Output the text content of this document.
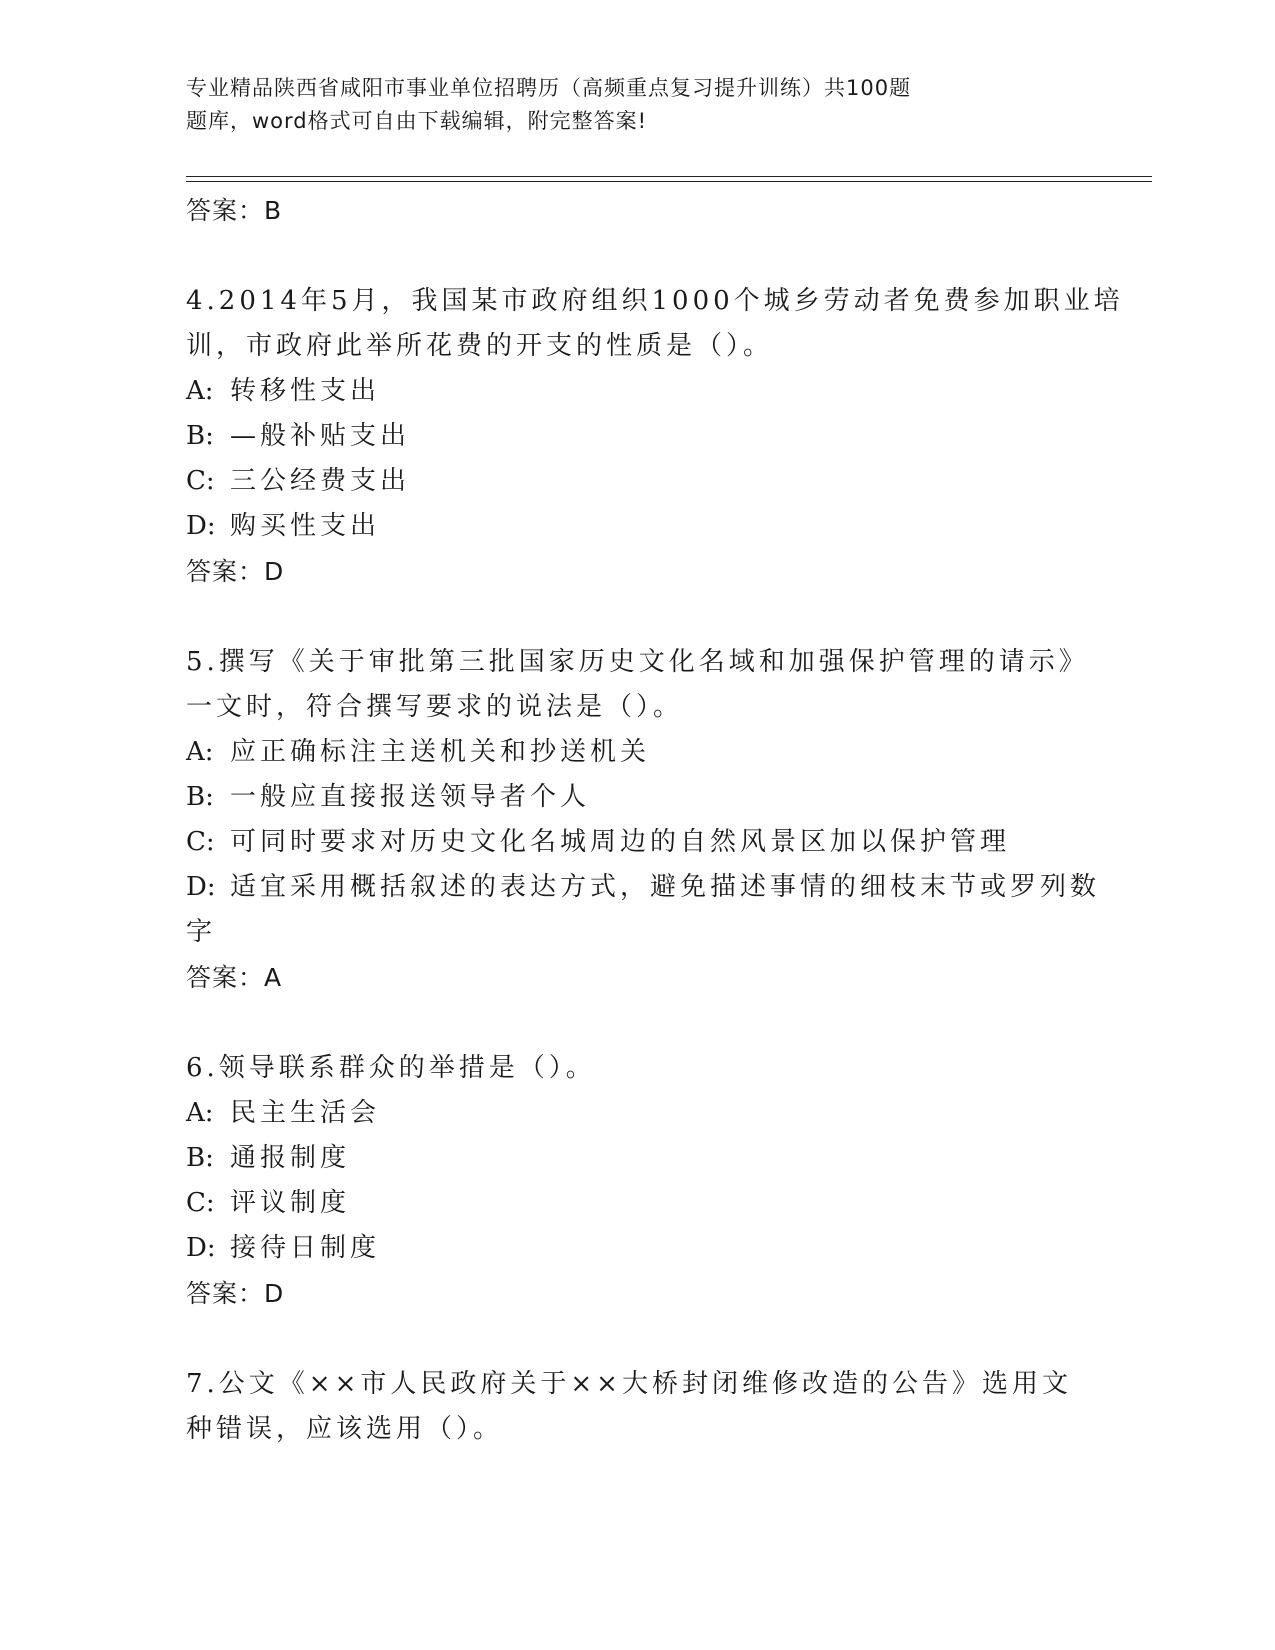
专业精品陕西省咸阳市事业单位招聘历（高频重点复习提升训练）共100题
题库，word格式可自由下载编辑，附完整答案!
答案：B
4.2014年5月，我国某市政府组织1000个城乡劳动者免费参加职业培
训，市政府此举所花费的开支的性质是（）。
A: 转移性支出
B: —般补贴支出
C: 三公经费支出
D: 购买性支出
答案：D
5.撰写《关于审批第三批国家历史文化名域和加强保护管理的请示》
一文时，符合撰写要求的说法是（）。
A: 应正确标注主送机关和抄送机关
B: 一般应直接报送领导者个人
C: 可同时要求对历史文化名城周边的自然风景区加以保护管理
D: 适宜采用概括叙述的表达方式，避免描述事情的细枝末节或罗列数
字
答案：A
6.领导联系群众的举措是（）。
A: 民主生活会
B: 通报制度
C: 评议制度
D: 接待日制度
答案：D
7.公文《××市人民政府关于××大桥封闭维修改造的公告》选用文
种错误，应该选用（）。
